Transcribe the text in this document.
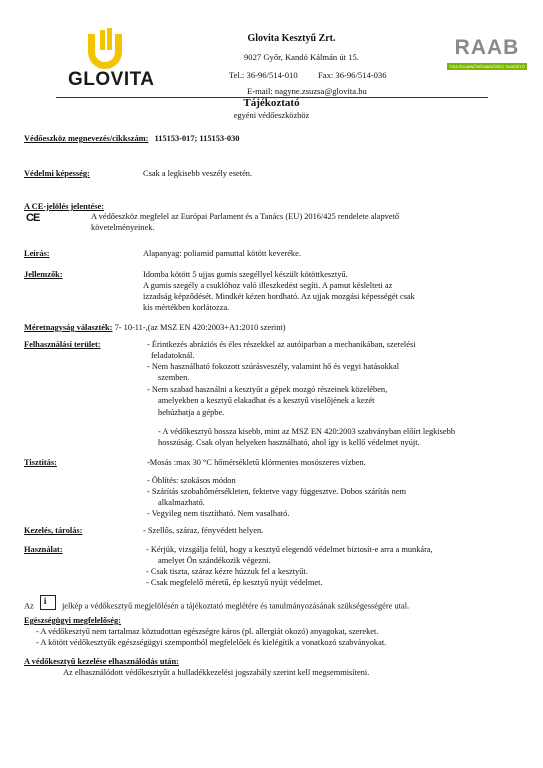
GLOVITA
Glovita Kesztyű Zrt.
9027 Győr, Kandó Kálmán út 15.
Tel.: 36-96/514-010 Fax: 36-96/514-036
E-mail: nagyne.zsuzsa@glovita.hu
RAAB
TISZ-ÉN-MINŐSÉGMINŐSÉG TANÚSÍTÓ
Tájékoztató
egyéni védőeszközhöz
Védőeszköz megnevezés/cikkszám: 115153-017; 115153-030
Védelmi képesség:	Csak a legkisebb veszély esetén.
A CE-jelölés jelentése:
CE	A védőeszköz megfelel az Európai Parlament és a Tanács (EU) 2016/425 rendelete alapvető
követelményeinek.
Leírás:	Alapanyag: poliamid pamuttal kötött keveréke.
Jellemzők:	Idomba kötött 5 ujjas gumis szegéllyel készült kötöttkesztyű.
A gumis szegély a csuklóhoz való illeszkedést segíti. A pamut késlelteti az
izzadság képződését. Mindkét kézen hordható. Az ujjak mozgási képességét csak
kis mértékben korlátozza.
Méretnagyság választék: 7- 10-11-,(az MSZ EN 420:2003+A1:2010 szerint)
Felhasználási terület:	- Érintkezés abráziós és éles részekkel az autóiparban a mechanikában, szerelési
feladatoknál.
- Nem használható fokozott szúrásveszély, valamint hő és vegyi hatásokkal
szemben.
- Nem szabad használni a kesztyűt a gépek mozgó részeinek közelében,
amelyekben a kesztyű elakadhat és a kesztyű viselőjének a kezét
behúzhatja a gépbe.
- A védőkesztyű hossza kisebb, mint az MSZ EN 420:2003 szabványban előírt legkisebb
hosszúság. Csak olyan helyeken használható, ahol így is kellő védelmet nyújt.
Tisztítás:	-Mosás :max 30 °C hőmérsékletű klórmentes mosószeres vízben.
- Öblítés: szokásos módon
- Szárítás szobahőmérsékleten, fektetve vagy függesztve. Dobos szárítás nem
alkalmazható.
- Vegyileg nem tisztítható. Nem vasalható.
Kezelés, tárolás:	- Szellős, száraz, fényvédett helyen.
Használat:	- Kérjük, vizsgálja felül, hogy a kesztyű elegendő védelmet biztosít-e arra a munkára,
amelyet Ön szándékozik végezni.
- Csak tiszta, száraz kézre húzzuk fel a kesztyűt.
- Csak megfelelő méretű, ép kesztyű nyújt védelmet.
Az i jelkép a védőkesztyű megjelölésén a tájékoztató meglétére és tanulmányozásának szükségességére utal.
Egészségügyi megfelelőség:
- A védőkesztyű nem tartalmaz köztudottan egészségre káros (pl. allergiát okozó) anyagokat, szereket.
- A kötött védőkesztyűk egészségügyi szempontból megfelelőek és kielégítik a vonatkozó szabványokat.
A védőkesztyű kezelése elhasználódás után:
Az elhasználódott védőkesztyűt a hulladékkezelési jogszabály szerint kell megsemmisíteni.
